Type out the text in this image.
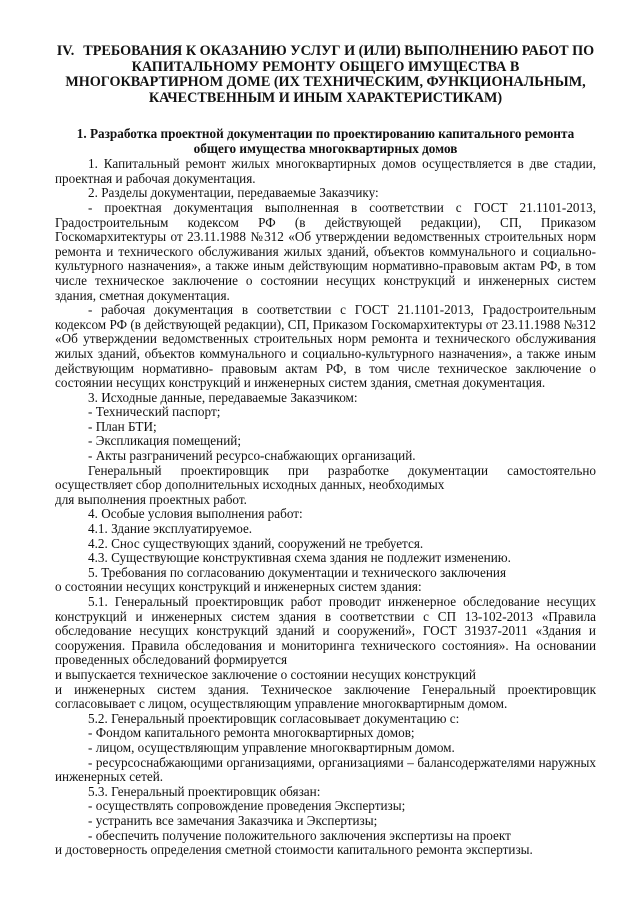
IV. ТРЕБОВАНИЯ К ОКАЗАНИЮ УСЛУГ И (ИЛИ) ВЫПОЛНЕНИЮ РАБОТ ПО КАПИТАЛЬНОМУ РЕМОНТУ ОБЩЕГО ИМУЩЕСТВА В МНОГОКВАРТИРНОМ ДОМЕ (ИХ ТЕХНИЧЕСКИМ, ФУНКЦИОНАЛЬНЫМ, КАЧЕСТВЕННЫМ И ИНЫМ ХАРАКТЕРИСТИКАМ)
1. Разработка проектной документации по проектированию капитального ремонта общего имущества многоквартирных домов

1. Капитальный ремонт жилых многоквартирных домов осуществляется в две стадии, проектная и рабочая документация.

2. Разделы документации, передаваемые Заказчику:

- проектная документация выполненная в соответствии с ГОСТ 21.1101-2013, Градостроительным кодексом РФ (в действующей редакции), СП, Приказом Госкомархитектуры от 23.11.1988 №312 «Об утверждении ведомственных строительных норм ремонта и технического обслуживания жилых зданий, объектов коммунального и социально-культурного назначения», а также иным действующим нормативно-правовым актам РФ, в том числе техническое заключение о состоянии несущих конструкций и инженерных систем здания, сметная документация.

- рабочая документация в соответствии с ГОСТ 21.1101-2013, Градостроительным кодексом РФ (в действующей редакции), СП, Приказом Госкомархитектуры от 23.11.1988 №312 «Об утверждении ведомственных строительных норм ремонта и технического обслуживания жилых зданий, объектов коммунального и социально-культурного назначения», а также иным действующим нормативно- правовым актам РФ, в том числе техническое заключение о состоянии несущих конструкций и инженерных систем здания, сметная документация.

3. Исходные данные, передаваемые Заказчиком:

- Технический паспорт;

- План БТИ;

- Экспликация помещений;

- Акты разграничений ресурсо-снабжающих организаций.

Генеральный проектировщик при разработке документации самостоятельно осуществляет сбор дополнительных исходных данных, необходимых

для выполнения проектных работ.

4. Особые условия выполнения работ:

4.1. Здание эксплуатируемое.

4.2. Снос существующих зданий, сооружений не требуется.

4.3. Существующие конструктивная схема здания не подлежит изменению.

5. Требования по согласованию документации и технического заключения

о состоянии несущих конструкций и инженерных систем здания:

5.1. Генеральный проектировщик работ проводит инженерное обследование несущих конструкций и инженерных систем здания в соответствии с СП 13-102-2013 «Правила обследование несущих конструкций зданий и сооружений», ГОСТ 31937-2011 «Здания и сооружения. Правила обследования и мониторинга технического состояния». На основании проведенных обследований формируется

и выпускается техническое заключение о состоянии несущих конструкций

и инженерных систем здания. Техническое заключение Генеральный проектировщик согласовывает с лицом, осуществляющим управление многоквартирным домом.

5.2. Генеральный проектировщик согласовывает документацию с:

- Фондом капитального ремонта многоквартирных домов;

- лицом, осуществляющим управление многоквартирным домом.

- ресурсоснабжающими организациями, организациями – балансодержателями наружных инженерных сетей.

5.3. Генеральный проектировщик обязан:

- осуществлять сопровождение проведения Экспертизы;

- устранить все замечания Заказчика и Экспертизы;

- обеспечить получение положительного заключения экспертизы на проект

и достоверность определения сметной стоимости капитального ремонта экспертизы.
